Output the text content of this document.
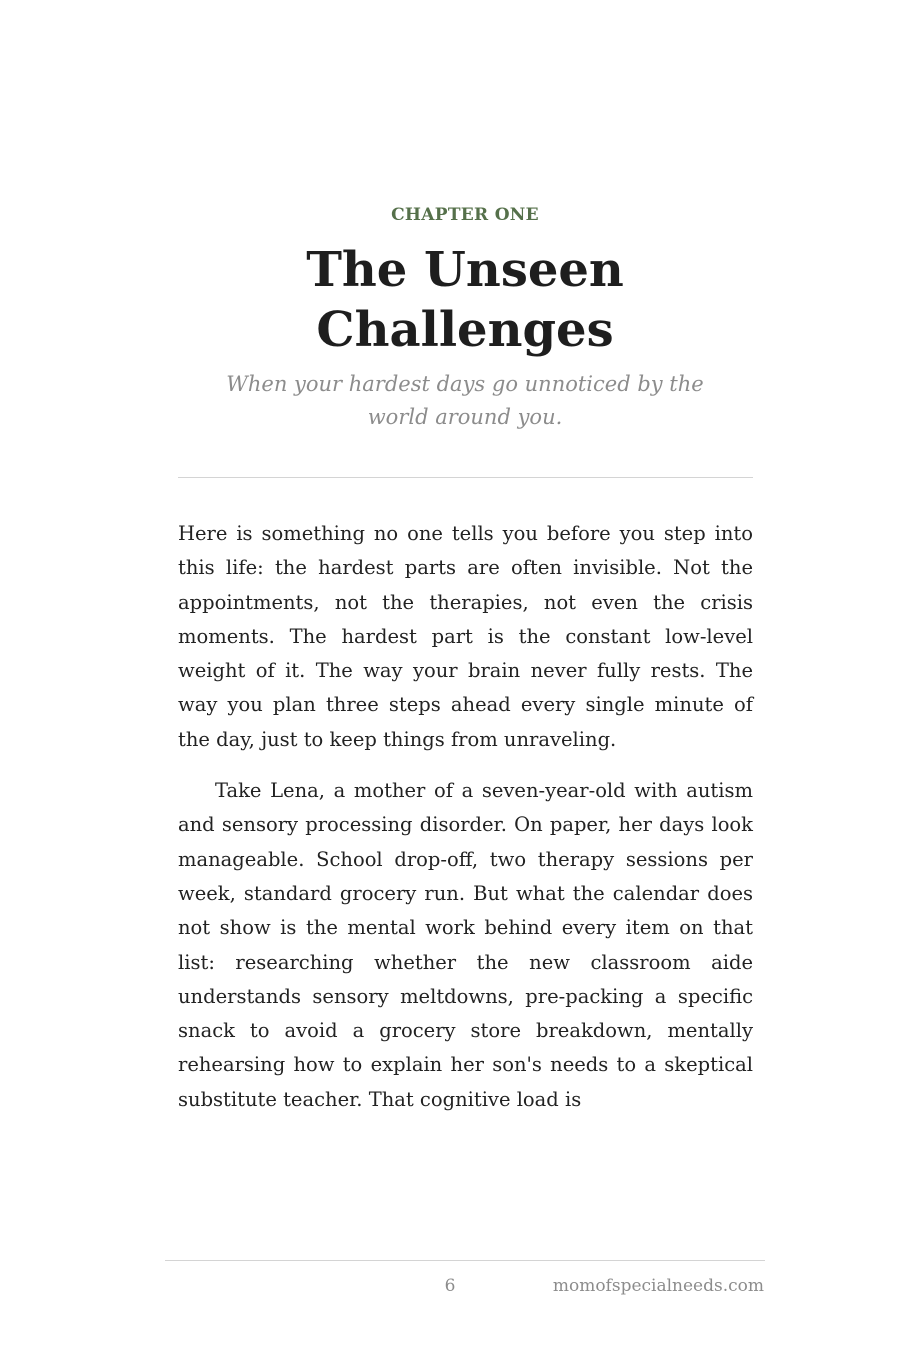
CHAPTER ONE
The Unseen
Challenges
When your hardest days go unnoticed by the
world around you.

Here is something no one tells you before you step into this life: the hardest parts are often invisible. Not the appointments, not the therapies, not even the crisis moments. The hardest part is the constant low-level weight of it. The way your brain never fully rests. The way you plan three steps ahead every single minute of the day, just to keep things from unraveling.

Take Lena, a mother of a seven-year-old with autism and sensory processing disorder. On paper, her days look manageable. School drop-off, two therapy sessions per week, standard grocery run. But what the calendar does not show is the mental work behind every item on that list: researching whether the new classroom aide understands sensory meltdowns, pre-packing a specific snack to avoid a grocery store breakdown, mentally rehearsing how to explain her son's needs to a skeptical substitute teacher. That cognitive load is

6	momofspecialneeds.com
